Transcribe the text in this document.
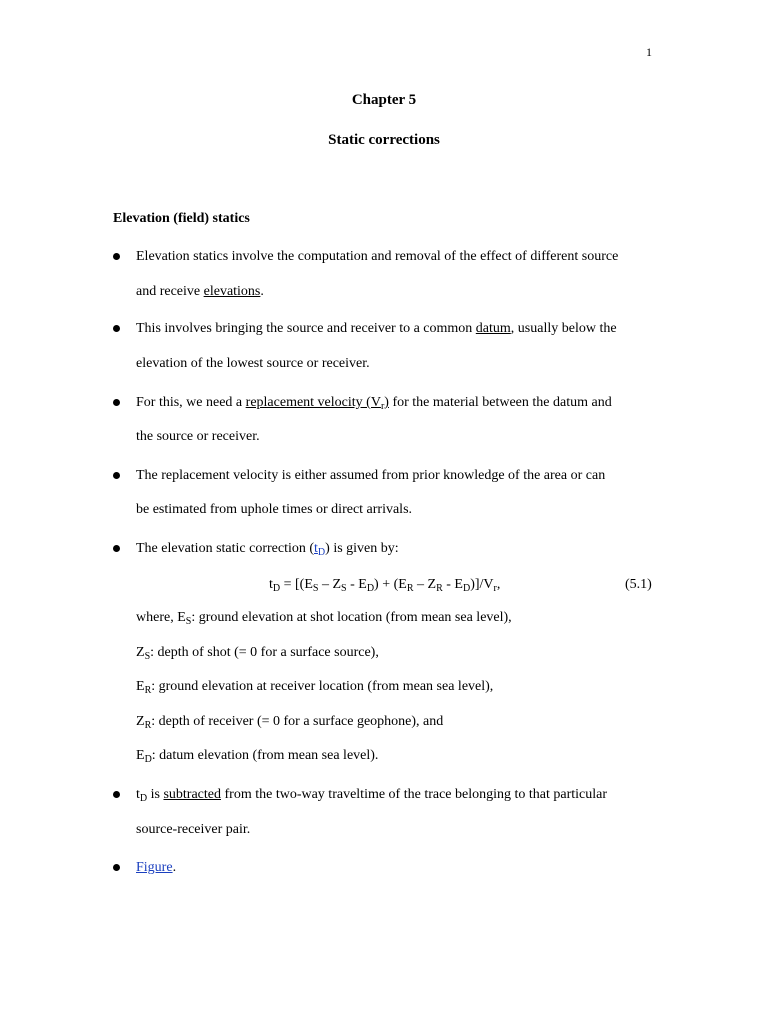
1
Chapter 5
Static corrections
Elevation (field) statics
Elevation statics involve the computation and removal of the effect of different source
and receive elevations.
This involves bringing the source and receiver to a common datum, usually below the
elevation of the lowest source or receiver.
For this, we need a replacement velocity $(V_r)$ for the material between the datum and
the source or receiver.
The replacement velocity is either assumed from prior knowledge of the area or can
be estimated from uphole times or direct arrivals.
The elevation static correction $(t_D)$ is given by:
$t_D = [(E_S - Z_S - E_D) + (E_R - Z_R - E_D)]/V_r$,	(5.1)
where, $E_S$: ground elevation at shot location (from mean sea level),
$Z_S$: depth of shot (= 0 for a surface source),
$E_R$: ground elevation at receiver location (from mean sea level),
$Z_R$: depth of receiver (= 0 for a surface geophone), and
$E_D$: datum elevation (from mean sea level).
$t_D$ is subtracted from the two-way traveltime of the trace belonging to that particular
source-receiver pair.
Figure.
